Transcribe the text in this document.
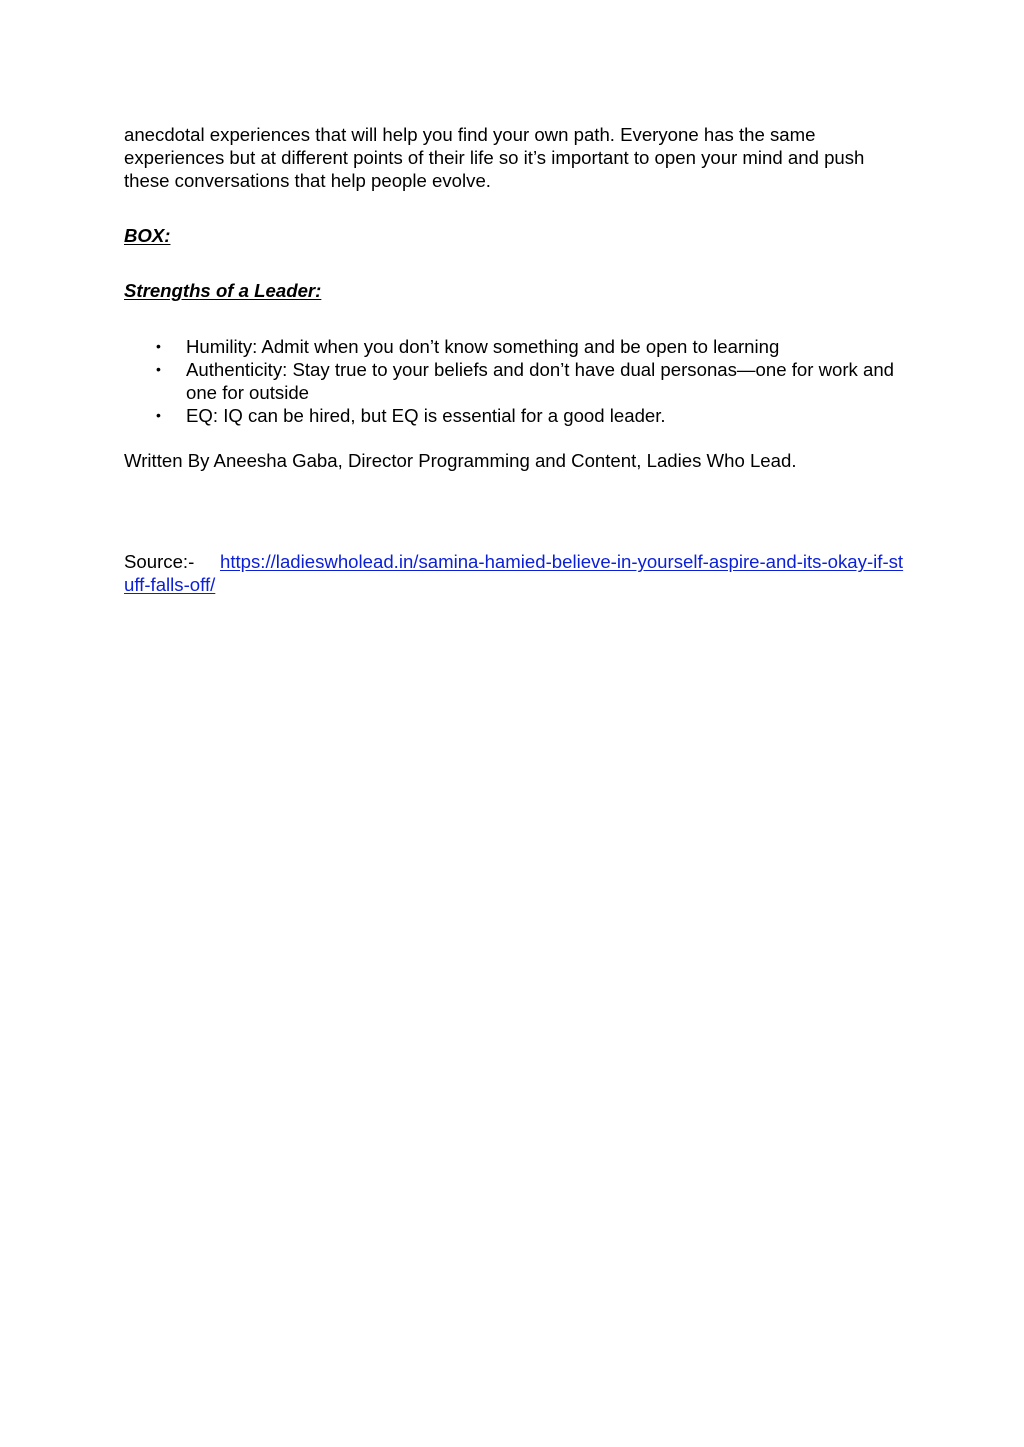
anecdotal experiences that will help you find your own path. Everyone has the same experiences but at different points of their life so it’s important to open your mind and push these conversations that help people evolve.

BOX:

Strengths of a Leader:

• Humility: Admit when you don’t know something and be open to learning
• Authenticity: Stay true to your beliefs and don’t have dual personas—one for work and one for outside
• EQ: IQ can be hired, but EQ is essential for a good leader.

Written By Aneesha Gaba, Director Programming and Content, Ladies Who Lead.

Source:- https://ladieswholead.in/samina-hamied-believe-in-yourself-aspire-and-its-okay-if-stuff-falls-off/
